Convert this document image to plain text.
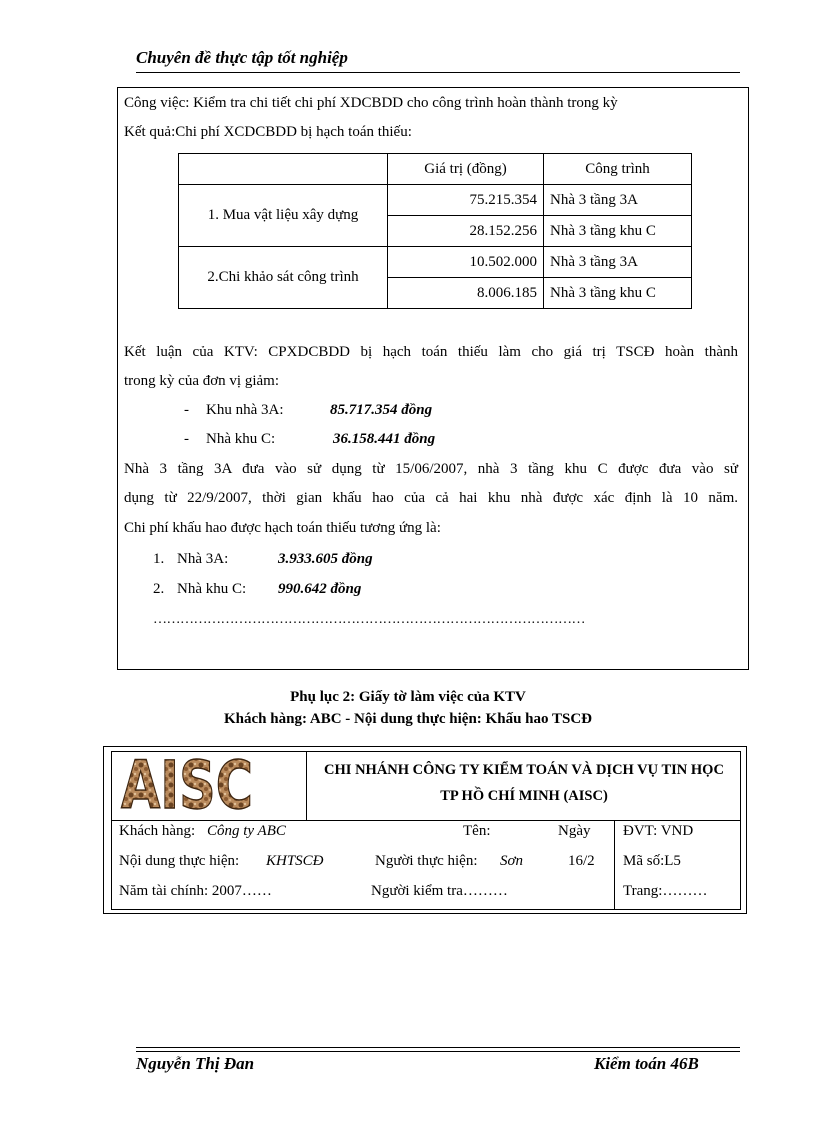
Chuyên đề thực tập tốt nghiệp
Công việc: Kiểm tra chi tiết chi phí XDCBDD cho công trình hoàn thành trong kỳ
Kết quả:Chi phí XCDCBDD bị hạch toán thiếu:
	Giá trị (đồng)	Công trình
1. Mua vật liệu xây dựng	75.215.354	Nhà 3 tầng 3A
	28.152.256	Nhà 3 tầng khu C
2.Chi khảo sát công trình	10.502.000	Nhà 3 tầng 3A
	8.006.185	Nhà 3 tầng khu C
Kết luận của KTV: CPXDCBDD bị hạch toán thiếu làm cho giá trị TSCĐ hoàn thành
trong kỳ của đơn vị giảm:
- Khu nhà 3A:	85.717.354 đồng
- Nhà khu C:	36.158.441 đồng
Nhà 3 tầng 3A đưa vào sử dụng từ 15/06/2007, nhà 3 tầng khu C được đưa vào sử
dụng từ 22/9/2007, thời gian khấu hao của cả hai khu nhà được xác định là 10 năm.
Chi phí khấu hao được hạch toán thiếu tương ứng là:
1. Nhà 3A:	3.933.605 đồng
2. Nhà khu C: 990.642 đồng
……………………………………………………………………………………
Phụ lục 2: Giấy tờ làm việc của KTV
Khách hàng: ABC - Nội dung thực hiện: Khấu hao TSCĐ
AISC	CHI NHÁNH CÔNG TY KIỂM TOÁN VÀ DỊCH VỤ TIN HỌC
TP HỒ CHÍ MINH (AISC)
Khách hàng: Công ty ABC	Tên:	Ngày ĐVT: VND
Nội dung thực hiện: KHTSCĐ	Người thực hiện: Sơn	16/2 Mã số:L5
Năm tài chính: 2007……	Người kiểm tra………	Trang:………
Nguyễn Thị Đan	Kiểm toán 46B
